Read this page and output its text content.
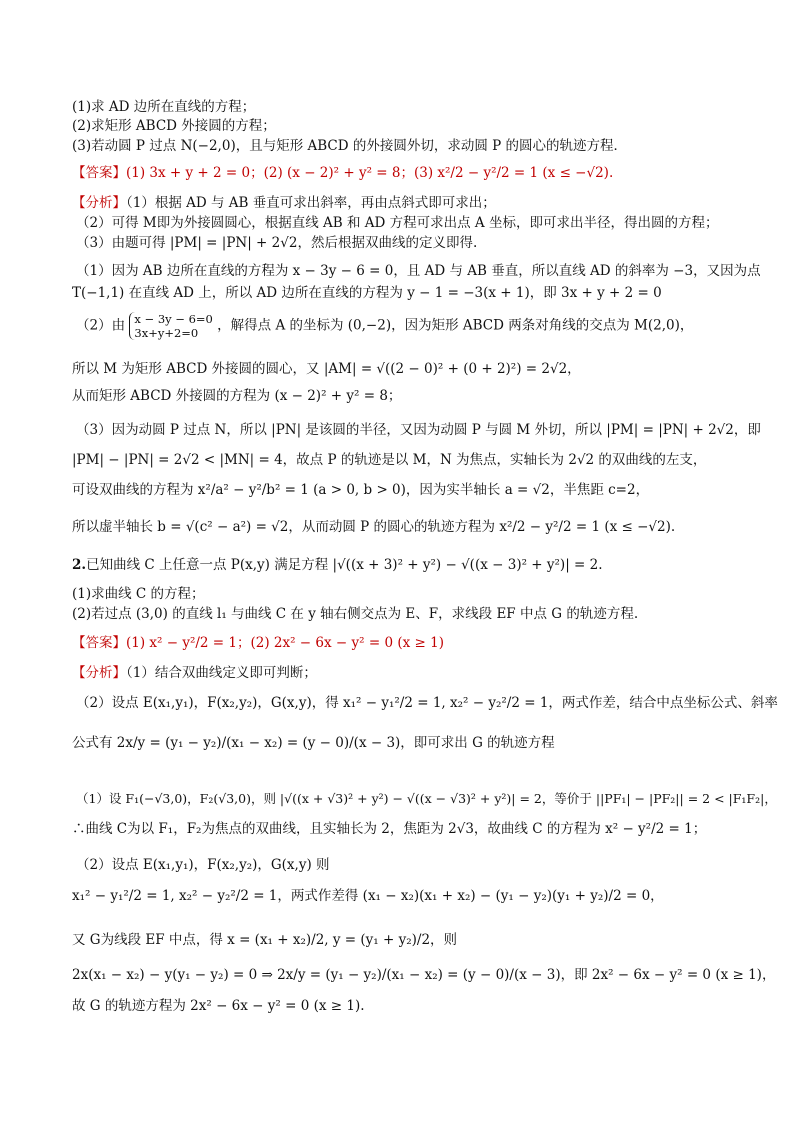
(1)求 AD 边所在直线的方程；
(2)求矩形 ABCD 外接圆的方程；
(3)若动圆 P 过点 N(−2,0)，且与矩形 ABCD 的外接圆外切，求动圆 P 的圆心的轨迹方程．
【答案】(1) 3x + y + 2 = 0；(2) (x − 2)² + y² = 8；(3) x²/2 − y²/2 = 1 (x ≤ −√2).
【分析】（1）根据 AD 与 AB 垂直可求出斜率，再由点斜式即可求出；
（2）可得 M即为外接圆圆心，根据直线 AB 和 AD 方程可求出点 A 坐标，即可求出半径，得出圆的方程；
（3）由题可得 |PM| = |PN| + 2√2，然后根据双曲线的定义即得.
（1）因为 AB 边所在直线的方程为 x − 3y − 6 = 0，且 AD 与 AB 垂直，所以直线 AD 的斜率为 −3，又因为点
T(−1,1) 在直线 AD 上，所以 AD 边所在直线的方程为 y − 1 = −3(x + 1)，即 3x + y + 2 = 0
（2）由 x − 3y − 6=0
3x+y+2=0	，解得点 A 的坐标为 (0,−2)，因为矩形 ABCD 两条对角线的交点为 M(2,0)，
所以 M 为矩形 ABCD 外接圆的圆心，又 |AM| = √((2 − 0)² + (0 + 2)²) = 2√2，
从而矩形 ABCD 外接圆的方程为 (x − 2)² + y² = 8；
（3）因为动圆 P 过点 N，所以 |PN| 是该圆的半径，又因为动圆 P 与圆 M 外切，所以 |PM| = |PN| + 2√2，即
|PM| − |PN| = 2√2 < |MN| = 4，故点 P 的轨迹是以 M，N 为焦点，实轴长为 2√2 的双曲线的左支，
可设双曲线的方程为 x²/a² − y²/b² = 1 (a > 0, b > 0)，因为实半轴长 a = √2，半焦距 c=2，
所以虚半轴长 b = √(c² − a²) = √2，从而动圆 P 的圆心的轨迹方程为 x²/2 − y²/2 = 1 (x ≤ −√2).
2.已知曲线 C 上任意一点 P(x,y) 满足方程 |√((x + 3)² + y²) − √((x − 3)² + y²)| = 2.
(1)求曲线 C 的方程；
(2)若过点 (3,0) 的直线 l₁ 与曲线 C 在 y 轴右侧交点为 E、F，求线段 EF 中点 G 的轨迹方程.
【答案】(1) x² − y²/2 = 1；(2) 2x² − 6x − y² = 0 (x ≥ 1)
【分析】（1）结合双曲线定义即可判断；
（2）设点 E(x₁,y₁)，F(x₂,y₂)，G(x,y)，得 x₁² − y₁²/2 = 1, x₂² − y₂²/2 = 1，两式作差，结合中点坐标公式、斜率
公式有 2x/y = (y₁ − y₂)/(x₁ − x₂) = (y − 0)/(x − 3)，即可求出 G 的轨迹方程
（1）设 F₁(−√3,0)，F₂(√3,0)，则 |√((x + √3)² + y²) − √((x − √3)² + y²)| = 2，等价于 ||PF₁| − |PF₂|| = 2 < |F₁F₂|，
∴曲线 C为以 F₁，F₂为焦点的双曲线，且实轴长为 2，焦距为 2√3，故曲线 C 的方程为 x² − y²/2 = 1；
（2）设点 E(x₁,y₁)，F(x₂,y₂)，G(x,y) 则
x₁² − y₁²/2 = 1, x₂² − y₂²/2 = 1，两式作差得 (x₁ − x₂)(x₁ + x₂) − (y₁ − y₂)(y₁ + y₂)/2 = 0，
又 G为线段 EF 中点，得 x = (x₁ + x₂)/2, y = (y₁ + y₂)/2，则
2x(x₁ − x₂) − y(y₁ − y₂) = 0 ⇒ 2x/y = (y₁ − y₂)/(x₁ − x₂) = (y − 0)/(x − 3)，即 2x² − 6x − y² = 0 (x ≥ 1)，
故 G 的轨迹方程为 2x² − 6x − y² = 0 (x ≥ 1).
